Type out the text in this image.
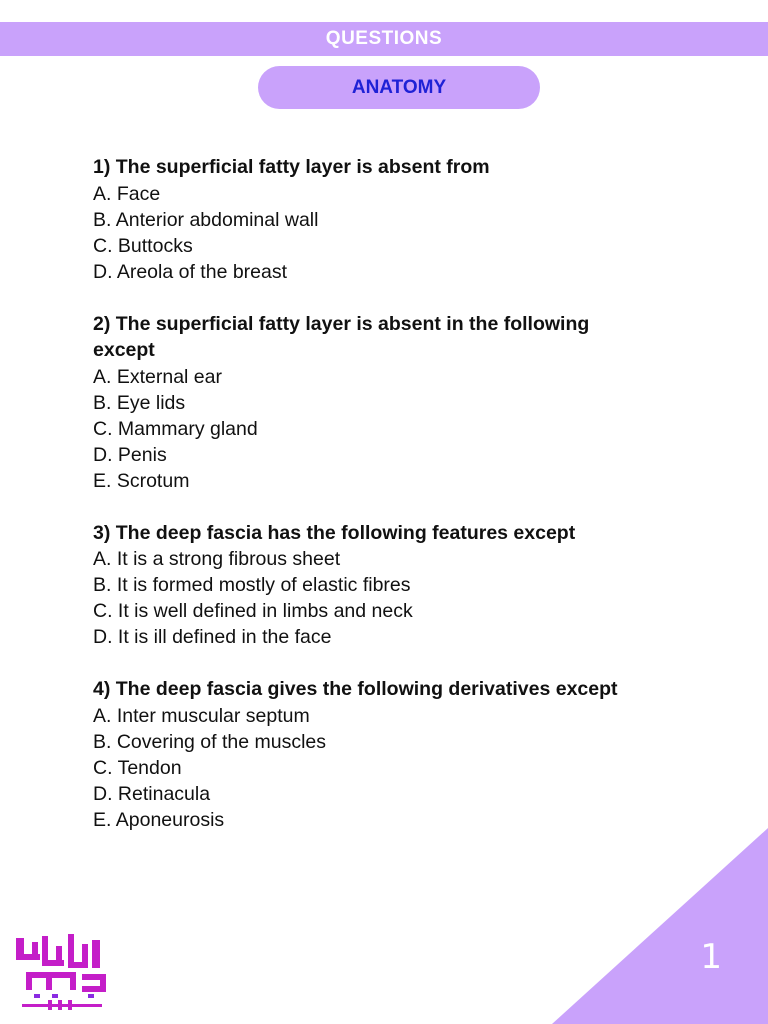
QUESTIONS
ANATOMY

1) The superficial fatty layer is absent from

A. Face

B. Anterior abdominal wall

C. Buttocks

D. Areola of the breast

2) The superficial fatty layer is absent in the following except

A. External ear

B. Eye lids

C. Mammary gland

D. Penis

E. Scrotum

3) The deep fascia has the following features except

A. It is a strong fibrous sheet

B. It is formed mostly of elastic fibres

C. It is well defined in limbs and neck

D. It is ill defined in the face

4) The deep fascia gives the following derivatives except

A. Inter muscular septum

B. Covering of the muscles

C. Tendon

D. Retinacula

E. Aponeurosis

1
